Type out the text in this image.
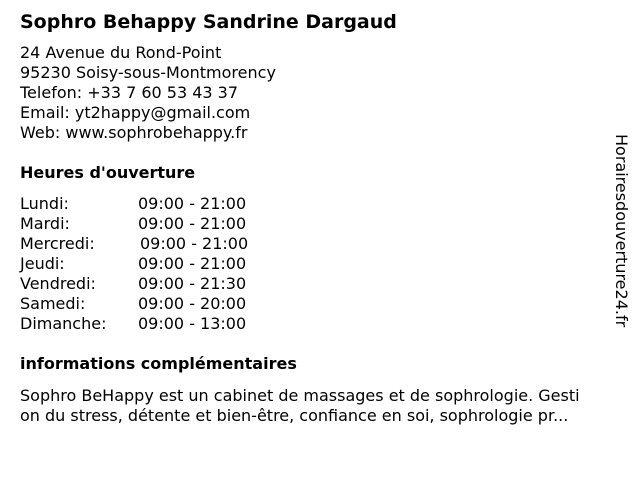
Sophro Behappy Sandrine Dargaud
24 Avenue du Rond-Point
95230 Soisy-sous-Montmorency
Telefon: +33 7 60 53 43 37
Email: yt2happy@gmail.com
Web: www.sophrobehappy.fr
Heures d'ouverture
Lundi:	09:00 - 21:00
Mardi:	09:00 - 21:00
Mercredi:	09:00 - 21:00
Jeudi:	09:00 - 21:00
Vendredi:	09:00 - 21:30
Samedi:	09:00 - 20:00
Dimanche: 09:00 - 13:00
informations complémentaires
Sophro BeHappy est un cabinet de massages et de sophrologie. Gesti
on du stress, détente et bien-être, confiance en soi, sophrologie pr...
Horairesdouverture24.fr
